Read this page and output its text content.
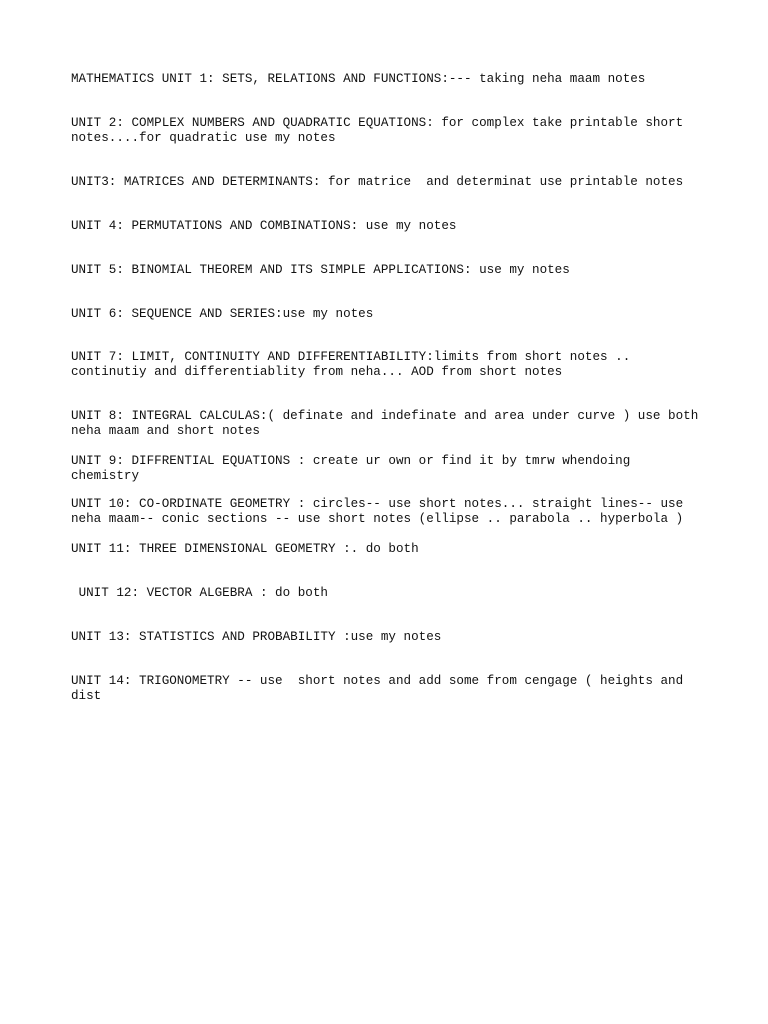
MATHEMATICS UNIT 1: SETS, RELATIONS AND FUNCTIONS:--- taking neha maam notes

UNIT 2: COMPLEX NUMBERS AND QUADRATIC EQUATIONS: for complex take printable short
notes....for quadratic use my notes

UNIT3: MATRICES AND DETERMINANTS: for matrice  and determinat use printable notes

UNIT 4: PERMUTATIONS AND COMBINATIONS: use my notes

UNIT 5: BINOMIAL THEOREM AND ITS SIMPLE APPLICATIONS: use my notes

UNIT 6: SEQUENCE AND SERIES:use my notes

UNIT 7: LIMIT, CONTINUITY AND DIFFERENTIABILITY:limits from short notes ..
continutiy and differentiablity from neha... AOD from short notes

UNIT 8: INTEGRAL CALCULAS:( definate and indefinate and area under curve ) use both
neha maam and short notes

UNIT 9: DIFFRENTIAL EQUATIONS : create ur own or find it by tmrw whendoing
chemistry

UNIT 10: CO-ORDINATE GEOMETRY : circles-- use short notes... straight lines-- use
neha maam-- conic sections -- use short notes (ellipse .. parabola .. hyperbola )

UNIT 11: THREE DIMENSIONAL GEOMETRY :. do both

UNIT 12: VECTOR ALGEBRA : do both

UNIT 13: STATISTICS AND PROBABILITY :use my notes

UNIT 14: TRIGONOMETRY -- use  short notes and add some from cengage ( heights and
dist
